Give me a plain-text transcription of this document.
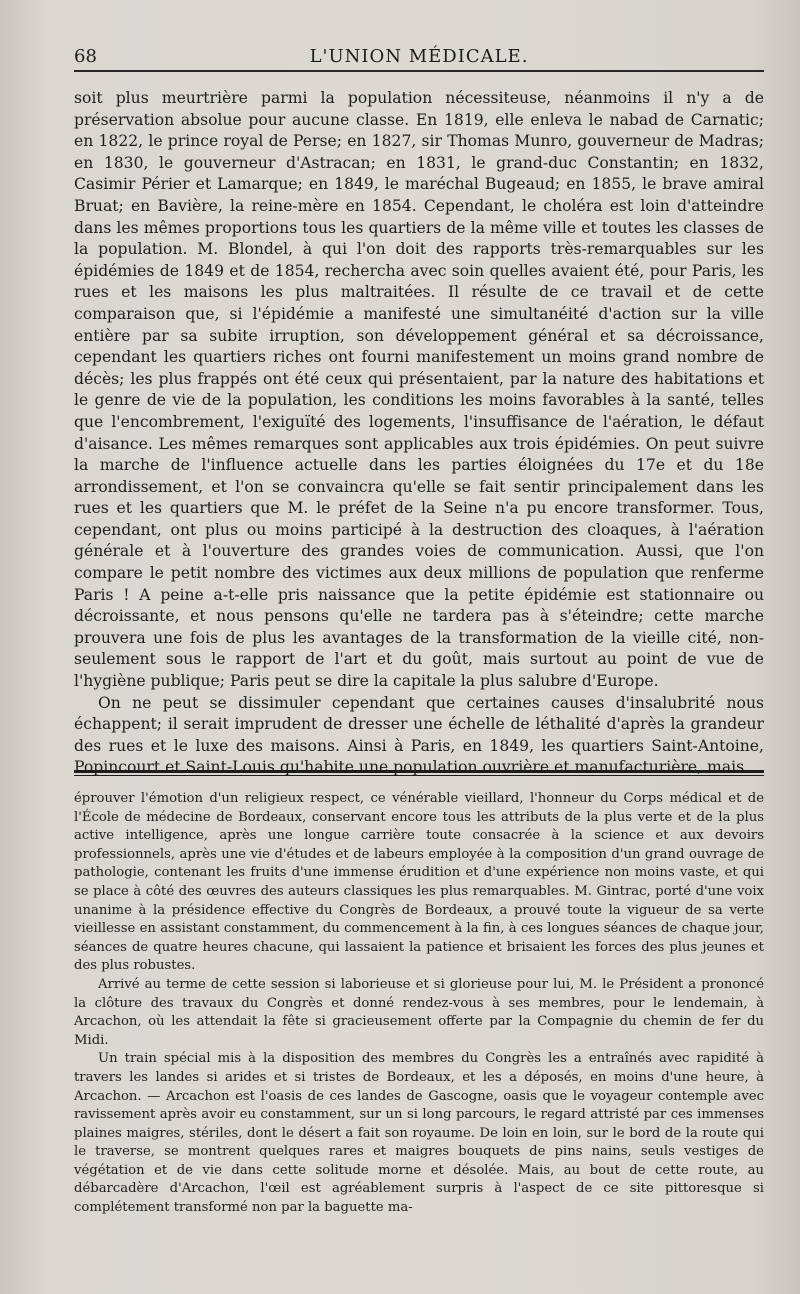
68	L'UNION MÉDICALE.

soit plus meurtrière parmi la population nécessiteuse, néanmoins il n'y a de préservation absolue pour aucune classe. En 1819, elle enleva le nabad de Carnatic; en 1822, le prince royal de Perse; en 1827, sir Thomas Munro, gouverneur de Madras; en 1830, le gouverneur d'Astracan; en 1831, le grand-duc Constantin; en 1832, Casimir Périer et Lamarque; en 1849, le maréchal Bugeaud; en 1855, le brave amiral Bruat; en Bavière, la reine-mère en 1854. Cependant, le choléra est loin d'atteindre dans les mêmes proportions tous les quartiers de la même ville et toutes les classes de la population. M. Blondel, à qui l'on doit des rapports très-remarquables sur les épidémies de 1849 et de 1854, rechercha avec soin quelles avaient été, pour Paris, les rues et les maisons les plus maltraitées. Il résulte de ce travail et de cette comparaison que, si l'épidémie a manifesté une simultanéité d'action sur la ville entière par sa subite irruption, son développement général et sa décroissance, cependant les quartiers riches ont fourni manifestement un moins grand nombre de décès; les plus frappés ont été ceux qui présentaient, par la nature des habitations et le genre de vie de la population, les conditions les moins favorables à la santé, telles que l'encombrement, l'exiguïté des logements, l'insuffisance de l'aération, le défaut d'aisance. Les mêmes remarques sont applicables aux trois épidémies. On peut suivre la marche de l'influence actuelle dans les parties éloignées du 17e et du 18e arrondissement, et l'on se convaincra qu'elle se fait sentir principalement dans les rues et les quartiers que M. le préfet de la Seine n'a pu encore transformer. Tous, cependant, ont plus ou moins participé à la destruction des cloaques, à l'aération générale et à l'ouverture des grandes voies de communication. Aussi, que l'on compare le petit nombre des victimes aux deux millions de population que renferme Paris ! A peine a-t-elle pris naissance que la petite épidémie est stationnaire ou décroissante, et nous pensons qu'elle ne tardera pas à s'éteindre; cette marche prouvera une fois de plus les avantages de la transformation de la vieille cité, non-seulement sous le rapport de l'art et du goût, mais surtout au point de vue de l'hygiène publique; Paris peut se dire la capitale la plus salubre d'Europe.

On ne peut se dissimuler cependant que certaines causes d'insalubrité nous échappent; il serait imprudent de dresser une échelle de léthalité d'après la grandeur des rues et le luxe des maisons. Ainsi à Paris, en 1849, les quartiers Saint-Antoine, Popincourt et Saint-Louis qu'habite une population ouvrière et manufacturière, mais

éprouver l'émotion d'un religieux respect, ce vénérable vieillard, l'honneur du Corps médical et de l'École de médecine de Bordeaux, conservant encore tous les attributs de la plus verte et de la plus active intelligence, après une longue carrière toute consacrée à la science et aux devoirs professionnels, après une vie d'études et de labeurs employée à la composition d'un grand ouvrage de pathologie, contenant les fruits d'une immense érudition et d'une expérience non moins vaste, et qui se place à côté des œuvres des auteurs classiques les plus remarquables. M. Gintrac, porté d'une voix unanime à la présidence effective du Congrès de Bordeaux, a prouvé toute la vigueur de sa verte vieillesse en assistant constamment, du commencement à la fin, à ces longues séances de chaque jour, séances de quatre heures chacune, qui lassaient la patience et brisaient les forces des plus jeunes et des plus robustes.

Arrivé au terme de cette session si laborieuse et si glorieuse pour lui, M. le Président a prononcé la clôture des travaux du Congrès et donné rendez-vous à ses membres, pour le lendemain, à Arcachon, où les attendait la fête si gracieusement offerte par la Compagnie du chemin de fer du Midi.

Un train spécial mis à la disposition des membres du Congrès les a entraînés avec rapidité à travers les landes si arides et si tristes de Bordeaux, et les a déposés, en moins d'une heure, à Arcachon. — Arcachon est l'oasis de ces landes de Gascogne, oasis que le voyageur contemple avec ravissement après avoir eu constamment, sur un si long parcours, le regard attristé par ces immenses plaines maigres, stériles, dont le désert a fait son royaume. De loin en loin, sur le bord de la route qui le traverse, se montrent quelques rares et maigres bouquets de pins nains, seuls vestiges de végétation et de vie dans cette solitude morne et désolée. Mais, au bout de cette route, au débarcadère d'Arcachon, l'œil est agréablement surpris à l'aspect de ce site pittoresque si complétement transformé non par la baguette ma-
